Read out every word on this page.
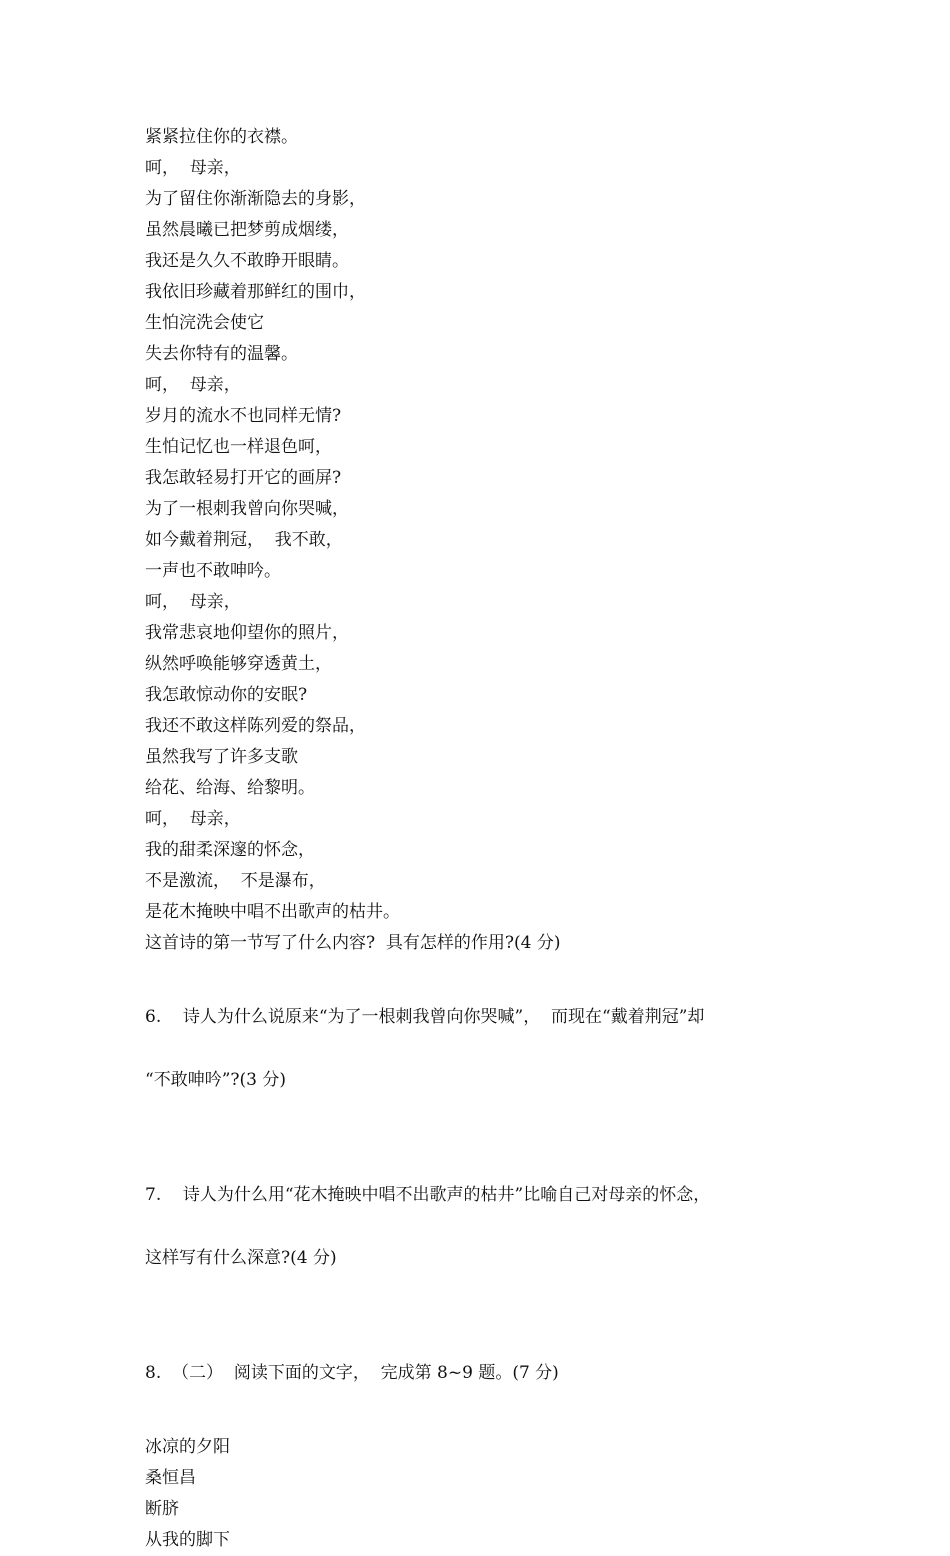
紧紧拉住你的衣襟。
呵，  母亲，
为了留住你渐渐隐去的身影，
虽然晨曦已把梦剪成烟缕，
我还是久久不敢睁开眼睛。
我依旧珍藏着那鲜红的围巾，
生怕浣洗会使它
失去你特有的温馨。
呵，  母亲，
岁月的流水不也同样无情?
生怕记忆也一样退色呵，
我怎敢轻易打开它的画屏?
为了一根刺我曾向你哭喊，
如今戴着荆冠，  我不敢，
一声也不敢呻吟。
呵，  母亲，
我常悲哀地仰望你的照片，
纵然呼唤能够穿透黄土，
我怎敢惊动你的安眠?
我还不敢这样陈列爱的祭品，
虽然我写了许多支歌
给花、给海、给黎明。
呵，  母亲，
我的甜柔深邃的怀念，
不是激流，  不是瀑布，
是花木掩映中唱不出歌声的枯井。
这首诗的第一节写了什么内容?  具有怎样的作用?(4 分)

6.    诗人为什么说原来“为了一根刺我曾向你哭喊”，  而现在“戴着荆冠”却

“不敢呻吟”?(3 分)

7.    诗人为什么用“花木掩映中唱不出歌声的枯井”比喻自己对母亲的怀念，

这样写有什么深意?(4 分)

8.  （二）  阅读下面的文字，  完成第 8~9 题。(7 分)

冰凉的夕阳
桑恒昌
断脐
从我的脚下
